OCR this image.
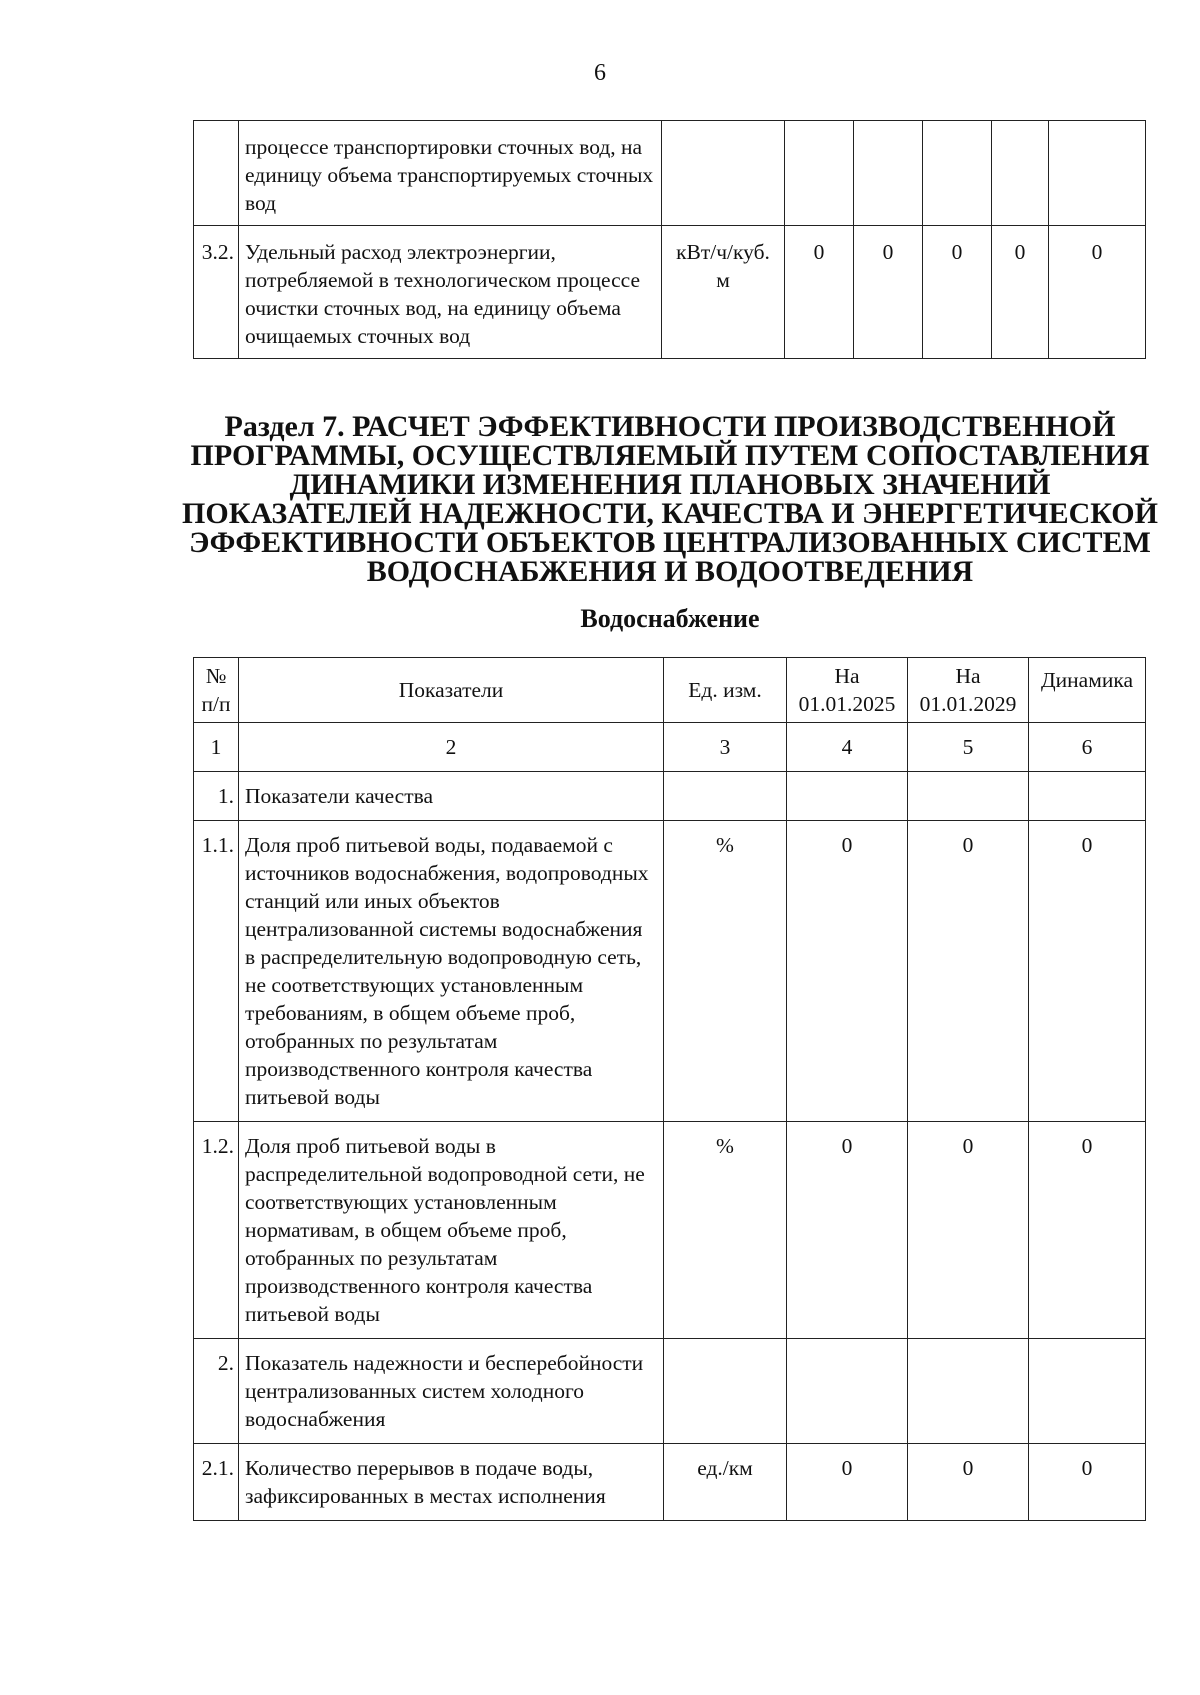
6
	процессе транспортировки сточных вод, на единицу объема транспортируемых сточных вод						
3.2.	Удельный расход электроэнергии, потребляемой в технологическом процессе очистки сточных вод, на единицу объема очищаемых сточных вод	кВт/ч/куб. м	0	0	0	0	0
Раздел 7. РАСЧЕТ ЭФФЕКТИВНОСТИ ПРОИЗВОДСТВЕННОЙ ПРОГРАММЫ, ОСУЩЕСТВЛЯЕМЫЙ ПУТЕМ СОПОСТАВЛЕНИЯ ДИНАМИКИ ИЗМЕНЕНИЯ ПЛАНОВЫХ ЗНАЧЕНИЙ ПОКАЗАТЕЛЕЙ НАДЕЖНОСТИ, КАЧЕСТВА И ЭНЕРГЕТИЧЕСКОЙ ЭФФЕКТИВНОСТИ ОБЪЕКТОВ ЦЕНТРАЛИЗОВАННЫХ СИСТЕМ ВОДОСНАБЖЕНИЯ И ВОДООТВЕДЕНИЯ
Водоснабжение
№ п/п	Показатели	Ед. изм.	На 01.01.2025	На 01.01.2029	Динамика
1	2	3	4	5	6
1.	Показатели качества				
1.1.	Доля проб питьевой воды, подаваемой с источников водоснабжения, водопроводных станций или иных объектов централизованной системы водоснабжения в распределительную водопроводную сеть, не соответствующих установленным требованиям, в общем объеме проб, отобранных по результатам производственного контроля качества питьевой воды	%	0	0	0
1.2.	Доля проб питьевой воды в распределительной водопроводной сети, не соответствующих установленным нормативам, в общем объеме проб, отобранных по результатам производственного контроля качества питьевой воды	%	0	0	0
2.	Показатель надежности и бесперебойности централизованных систем холодного водоснабжения				
2.1.	Количество перерывов в подаче воды, зафиксированных в местах исполнения	ед./км	0	0	0
